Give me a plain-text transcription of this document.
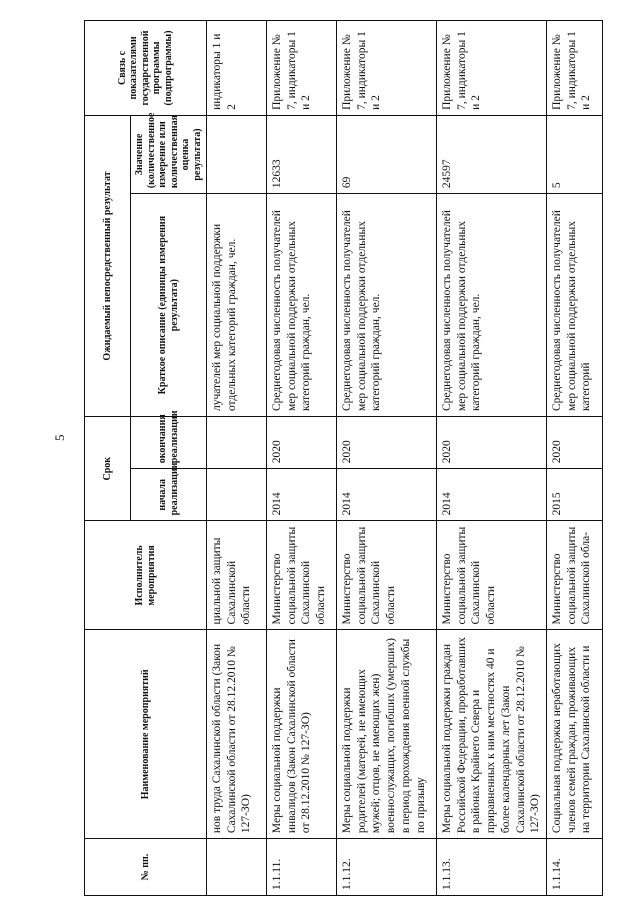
5
№ пп.	Наименование мероприятий	Исполнитель мероприятия	Срок		Ожидаемый непосредственный результат		Связь с показателями государственной программы (подпрограммы)
			начала реализации	окончания реализации	Краткое описание (единицы измерения результата)	Значение (количественное измерение или количественная оценка результата)	
	нов труда Сахалинской области (Закон Сахалинской области от 28.12.2010 № 127-ЗО)	циальной защиты Сахалинской области			лучателей мер социальной поддержки отдельных категорий граждан, чел.		индикаторы 1 и 2
1.1.11.	Меры социальной поддержки инвалидов (Закон Сахалинской области от 28.12.2010 № 127-ЗО)	Министерство социальной защиты Сахалинской области	2014	2020	Среднегодовая численность получателей мер социальной поддержки отдельных категорий граждан, чел.	12633	Приложение № 7, индикаторы 1 и 2
1.1.12.	Меры социальной поддержки родителей (матерей, не имеющих мужей; отцов, не имеющих жен) военнослужащих, погибших (умерших) в период прохождения военной службы по призыву	Министерство социальной защиты Сахалинской области	2014	2020	Среднегодовая численность получателей мер социальной поддержки отдельных категорий граждан, чел.	69	Приложение № 7, индикаторы 1 и 2
1.1.13.	Меры социальной поддержки граждан Российской Федерации, проработавших в районах Крайнего Севера и приравненных к ним местностях 40 и более календарных лет (Закон Сахалинской области от 28.12.2010 № 127-ЗО)	Министерство социальной защиты Сахалинской области	2014	2020	Среднегодовая численность получателей мер социальной поддержки отдельных категорий граждан, чел.	24597	Приложение № 7, индикаторы 1 и 2
1.1.14.	Социальная поддержка неработающих членов семей граждан, проживающих на территории Сахалинской области и	Министерство социальной защиты Сахалинской обла-	2015	2020	Среднегодовая численность получателей мер социальной поддержки отдельных категорий	5	Приложение № 7, индикаторы 1 и 2
